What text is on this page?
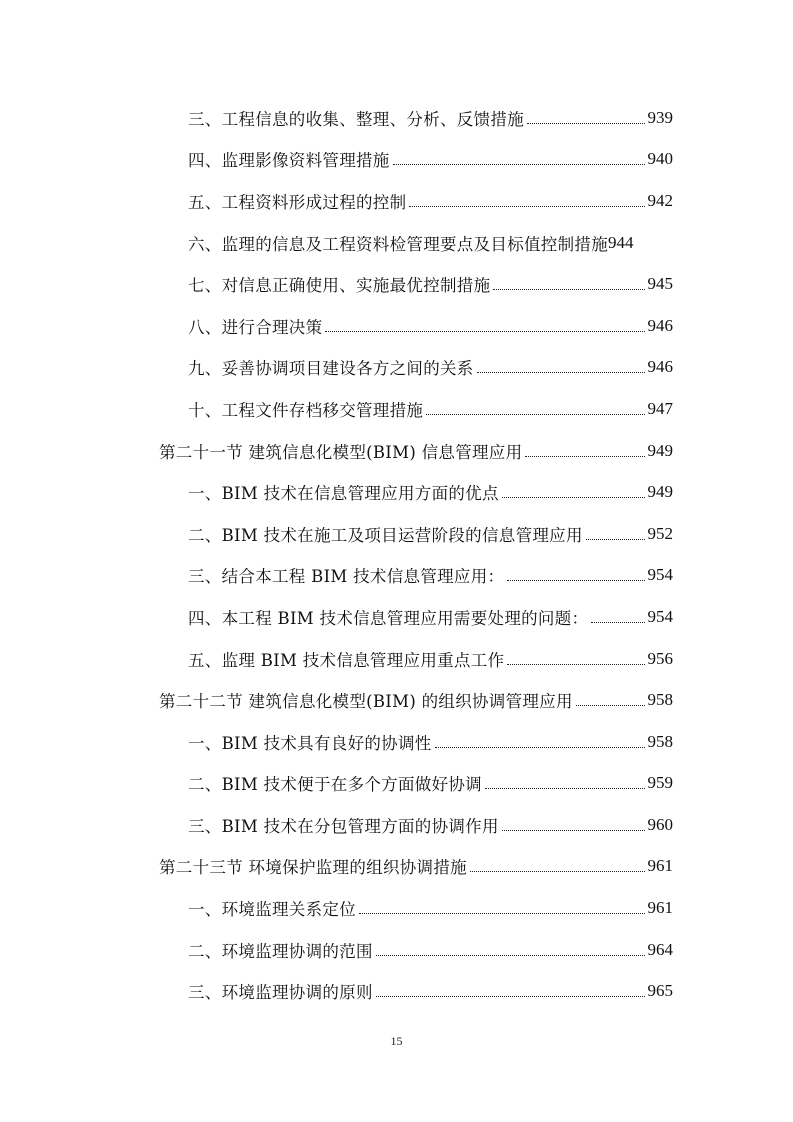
三、工程信息的收集、整理、分析、反馈措施	939
四、监理影像资料管理措施	940
五、工程资料形成过程的控制	942
六、监理的信息及工程资料检管理要点及目标值控制措施 944
七、对信息正确使用、实施最优控制措施	945
八、进行合理决策	946
九、妥善协调项目建设各方之间的关系	946
十、工程文件存档移交管理措施	947
第二十一节 建筑信息化模型(BIM) 信息管理应用	949
一、BIM 技术在信息管理应用方面的优点	949
二、BIM 技术在施工及项目运营阶段的信息管理应用	952
三、结合本工程 BIM 技术信息管理应用：	954
四、本工程 BIM 技术信息管理应用需要处理的问题：	954
五、监理 BIM 技术信息管理应用重点工作	956
第二十二节 建筑信息化模型(BIM) 的组织协调管理应用	958
一、BIM 技术具有良好的协调性	958
二、BIM 技术便于在多个方面做好协调	959
三、BIM 技术在分包管理方面的协调作用	960
第二十三节 环境保护监理的组织协调措施	961
一、环境监理关系定位	961
二、环境监理协调的范围	964
三、环境监理协调的原则	965
15
